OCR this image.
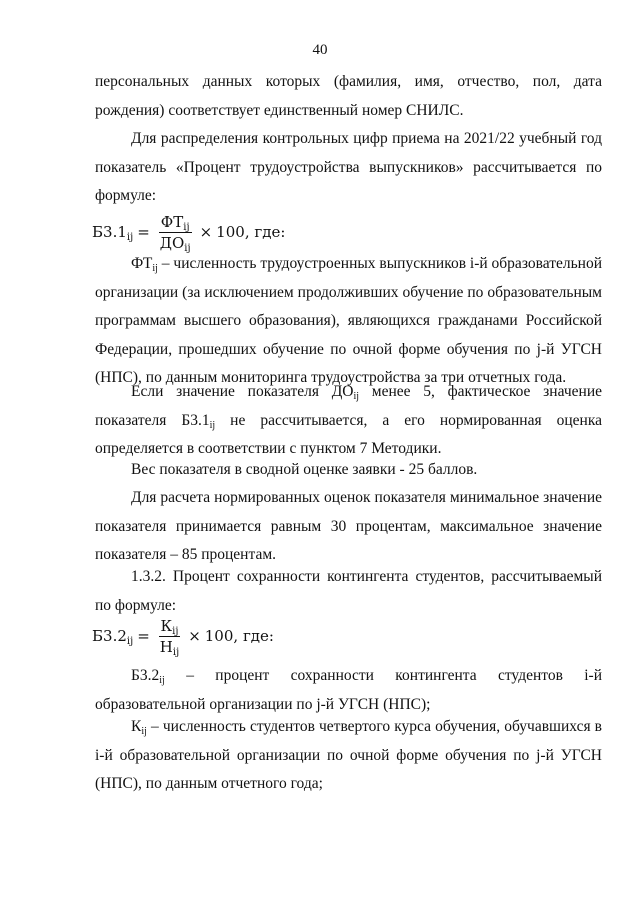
40
персональных данных которых (фамилия, имя, отчество, пол, дата рождения) соответствует единственный номер СНИЛС.
Для распределения контрольных цифр приема на 2021/22 учебный год показатель «Процент трудоустройства выпускников» рассчитывается по формуле:
$Б3.1_{ij} = \frac{ФТ_{ij}}{ДО_{ij}} \times 100$ , где:
$ФТ_{ij}$ – численность трудоустроенных выпускников i-й образовательной организации (за исключением продолживших обучение по образовательным программам высшего образования), являющихся гражданами Российской Федерации, прошедших обучение по очной форме обучения по j-й УГСН (НПС), по данным мониторинга трудоустройства за три отчетных года.
Если значение показателя $ДО_{ij}$ менее 5, фактическое значение показателя $Б3.1_{ij}$ не рассчитывается, а его нормированная оценка определяется в соответствии с пунктом 7 Методики.
Вес показателя в сводной оценке заявки - 25 баллов.
Для расчета нормированных оценок показателя минимальное значение показателя принимается равным 30 процентам, максимальное значение показателя – 85 процентам.
1.3.2. Процент сохранности контингента студентов, рассчитываемый по формуле:
$Б3.2_{ij} = \frac{К_{ij}}{Н_{ij}} \times 100$ , где:
$Б3.2_{ij}$ – процент сохранности контингента студентов i-й образовательной организации по j-й УГСН (НПС);
$К_{ij}$ – численность студентов четвертого курса обучения, обучавшихся в i-й образовательной организации по очной форме обучения по j-й УГСН (НПС), по данным отчетного года;
